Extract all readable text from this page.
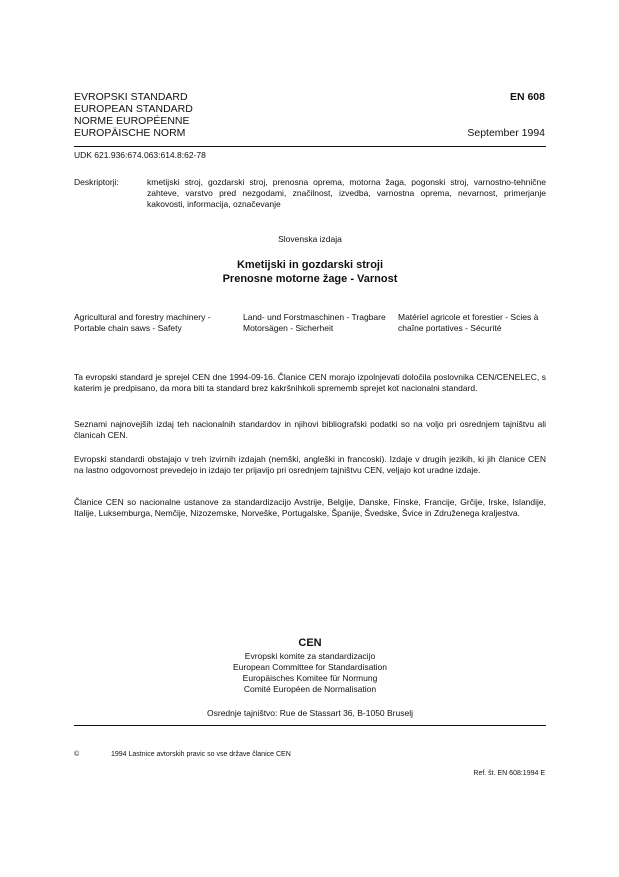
EVROPSKI STANDARD
EUROPEAN STANDARD
NORME EUROPÉENNE
EUROPÄISCHE NORM
EN 608
September 1994
UDK 621.936:674.063:614.8:62-78
Deskriptorji:	kmetijski stroj, gozdarski stroj, prenosna oprema, motorna žaga, pogonski stroj, varnostno-tehnične zahteve, varstvo pred nezgodami, značilnost, izvedba, varnostna oprema, nevarnost, primerjanje kakovosti, informacija, označevanje
Slovenska izdaja
Kmetijski in gozdarski stroji
Prenosne motorne žage - Varnost
Agricultural and forestry machinery - Portable chain saws - Safety
Land- und Forstmaschinen - Tragbare Motorsägen - Sicherheit
Matériel agricole et forestier - Scies à chaîne portatives - Sécurité
Ta evropski standard je sprejel CEN dne 1994-09-16. Članice CEN morajo izpolnjevati določila poslovnika CEN/CENELEC, s katerim je predpisano, da mora biti ta standard brez kakršnihkoli sprememb sprejet kot nacionalni standard.
Seznami najnovejših izdaj teh nacionalnih standardov in njihovi bibliografski podatki so na voljo pri osrednjem tajništvu ali članicah CEN.
Evropski standardi obstajajo v treh izvirnih izdajah (nemški, angleški in francoski). Izdaje v drugih jezikih, ki jih članice CEN na lastno odgovornost prevedejo in izdajo ter prijavijo pri osrednjem tajništvu CEN, veljajo kot uradne izdaje.
Članice CEN so nacionalne ustanove za standardizacijo Avstrije, Belgije, Danske, Finske, Francije, Grčije, Irske, Islandije, Italije, Luksemburga, Nemčije, Nizozemske, Norveške, Portugalske, Španije, Švedske, Švice in Združenega kraljestva.
CEN
Evropski komite za standardizacijo
European Committee for Standardisation
Europäisches Komitee für Normung
Comité Européen de Normalisation
Osrednje tajništvo: Rue de Stassart 36, B-1050 Bruselj
©	1994 Lastnice avtorskih pravic so vse države članice CEN
Ref. št. EN 608:1994 E
